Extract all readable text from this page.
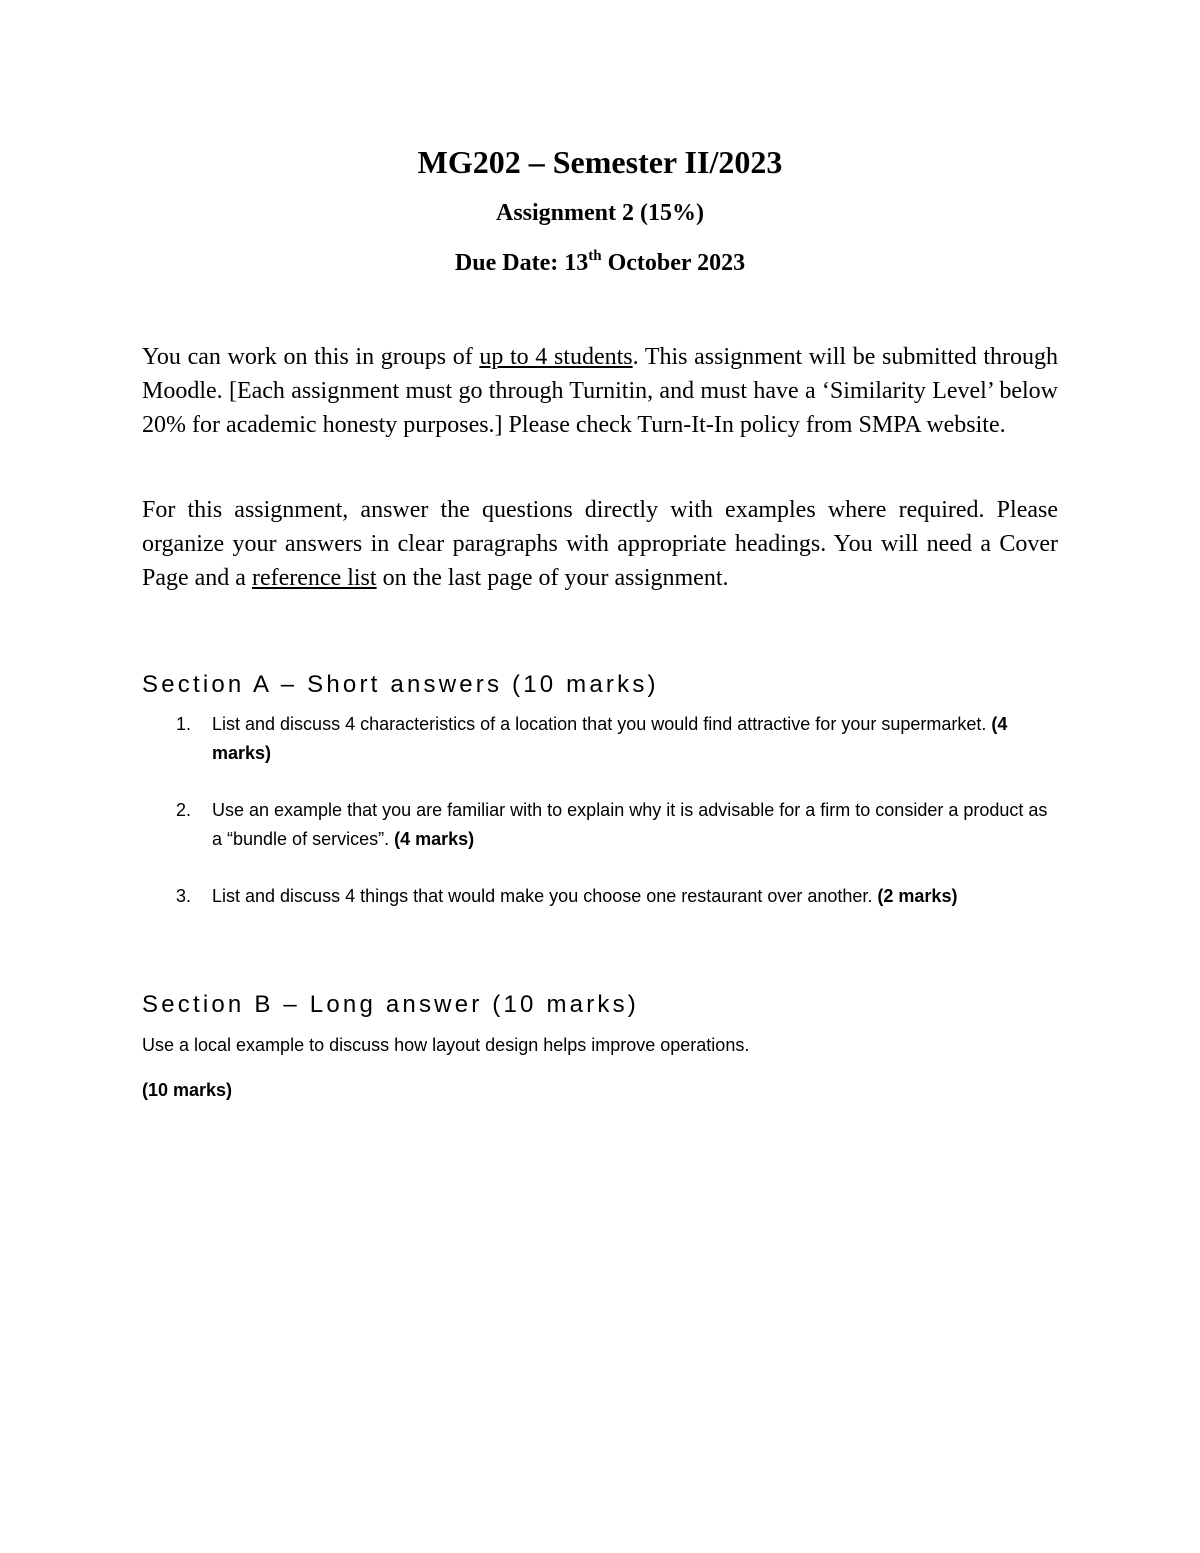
MG202 – Semester II/2023
Assignment 2 (15%)
Due Date: 13th October 2023
You can work on this in groups of up to 4 students. This assignment will be submitted through Moodle. [Each assignment must go through Turnitin, and must have a ‘Similarity Level’ below 20% for academic honesty purposes.] Please check Turn-It-In policy from SMPA website.
For this assignment, answer the questions directly with examples where required. Please organize your answers in clear paragraphs with appropriate headings. You will need a Cover Page and a reference list on the last page of your assignment.
Section A – Short answers (10 marks)
1. List and discuss 4 characteristics of a location that you would find attractive for your supermarket. (4 marks)
2. Use an example that you are familiar with to explain why it is advisable for a firm to consider a product as a “bundle of services”. (4 marks)
3. List and discuss 4 things that would make you choose one restaurant over another. (2 marks)
Section B – Long answer (10 marks)
Use a local example to discuss how layout design helps improve operations.
(10 marks)
